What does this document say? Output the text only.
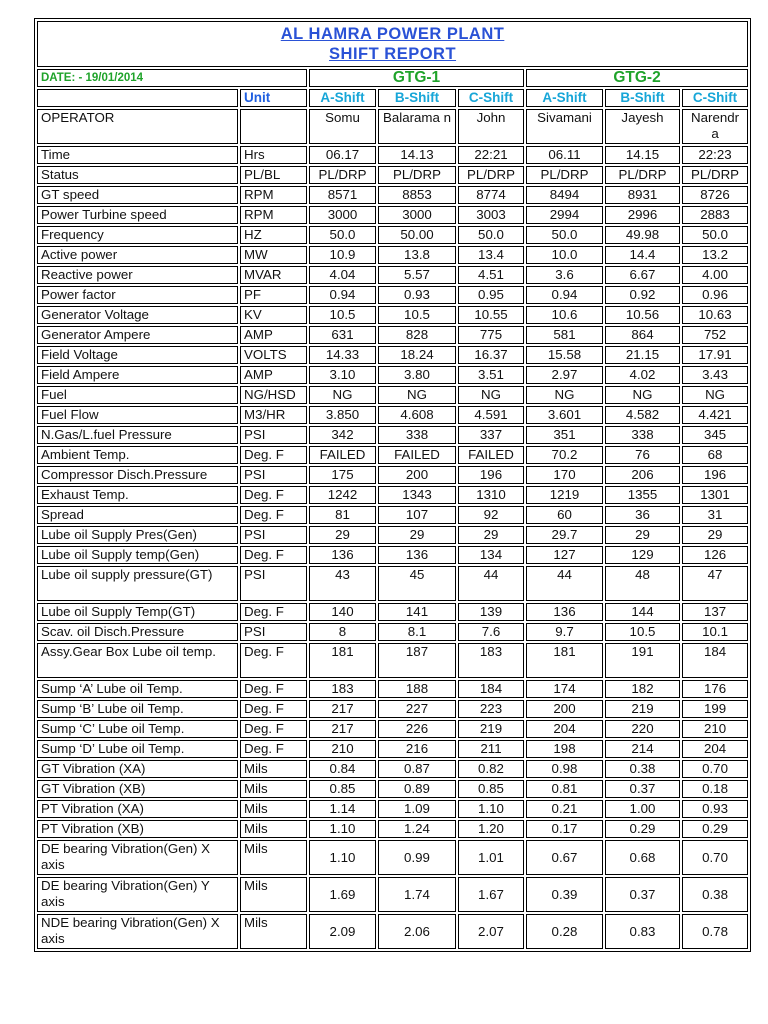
AL HAMRA POWER PLANT
SHIFT REPORT							

DATE: - 19/01/2014		GTG-1			GTG-2		
	Unit	A-Shift	B-Shift	C-Shift	A-Shift	B-Shift	C-Shift
OPERATOR		Somu	Balarama n	John	Sivamani	Jayesh	Narendr a
Time	Hrs	06.17	14.13	22:21	06.11	14.15	22:23
Status	PL/BL	PL/DRP	PL/DRP	PL/DRP	PL/DRP	PL/DRP	PL/DRP
GT speed	RPM	8571	8853	8774	8494	8931	8726
Power Turbine speed	RPM	3000	3000	3003	2994	2996	2883
Frequency	HZ	50.0	50.00	50.0	50.0	49.98	50.0
Active power	MW	10.9	13.8	13.4	10.0	14.4	13.2
Reactive power	MVAR	4.04	5.57	4.51	3.6	6.67	4.00
Power factor	PF	0.94	0.93	0.95	0.94	0.92	0.96
Generator Voltage	KV	10.5	10.5	10.55	10.6	10.56	10.63
Generator Ampere	AMP	631	828	775	581	864	752
Field Voltage	VOLTS	14.33	18.24	16.37	15.58	21.15	17.91
Field Ampere	AMP	3.10	3.80	3.51	2.97	4.02	3.43
Fuel	NG/HSD	NG	NG	NG	NG	NG	NG
Fuel Flow	M3/HR	3.850	4.608	4.591	3.601	4.582	4.421
N.Gas/L.fuel Pressure	PSI	342	338	337	351	338	345
Ambient Temp.	Deg. F	FAILED	FAILED	FAILED	70.2	76	68
Compressor Disch.Pressure	PSI	175	200	196	170	206	196
Exhaust Temp.	Deg. F	1242	1343	1310	1219	1355	1301
Spread	Deg. F	81	107	92	60	36	31
Lube oil Supply Pres(Gen)	PSI	29	29	29	29.7	29	29
Lube oil Supply temp(Gen)	Deg. F	136	136	134	127	129	126
Lube oil supply pressure(GT)	PSI	43	45	44	44	48	47
Lube oil Supply Temp(GT)	Deg. F	140	141	139	136	144	137
Scav. oil Disch.Pressure	PSI	8	8.1	7.6	9.7	10.5	10.1
Assy.Gear Box Lube oil temp.	Deg. F	181	187	183	181	191	184
Sump ‘A’ Lube oil Temp.	Deg. F	183	188	184	174	182	176
Sump ‘B’ Lube oil Temp.	Deg. F	217	227	223	200	219	199
Sump ‘C’ Lube oil Temp.	Deg. F	217	226	219	204	220	210
Sump ‘D’ Lube oil Temp.	Deg. F	210	216	211	198	214	204
GT Vibration (XA)	Mils	0.84	0.87	0.82	0.98	0.38	0.70
GT Vibration (XB)	Mils	0.85	0.89	0.85	0.81	0.37	0.18
PT Vibration (XA)	Mils	1.14	1.09	1.10	0.21	1.00	0.93
PT Vibration (XB)	Mils	1.10	1.24	1.20	0.17	0.29	0.29
DE bearing Vibration(Gen) X axis	Mils	1.10	0.99	1.01	0.67	0.68	0.70
DE bearing Vibration(Gen) Y axis	Mils	1.69	1.74	1.67	0.39	0.37	0.38
NDE bearing Vibration(Gen) X axis	Mils	2.09	2.06	2.07	0.28	0.83	0.78
